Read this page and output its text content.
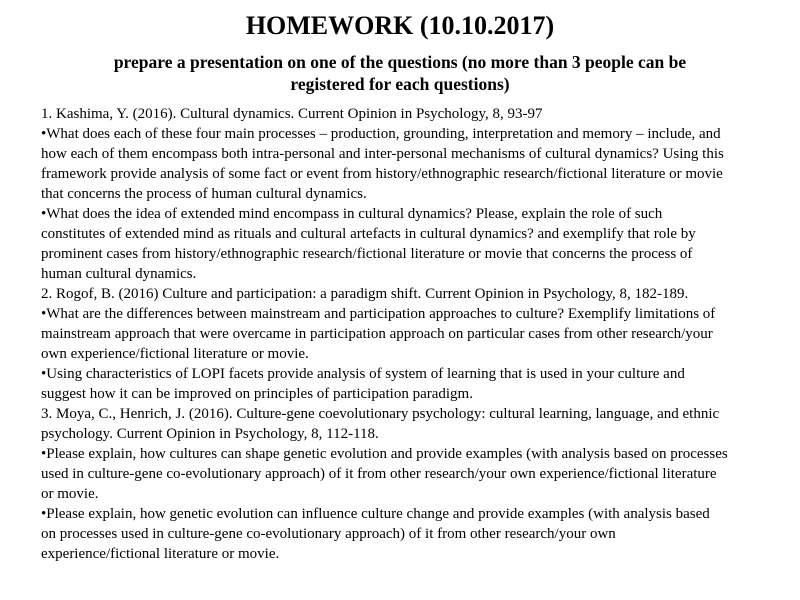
HOMEWORK (10.10.2017)
prepare a presentation on one of the questions (no more than 3 people can be
registered for each questions)
1. Kashima, Y. (2016). Cultural dynamics. Current Opinion in Psychology, 8, 93-97
•What does each of these four main processes – production, grounding, interpretation and memory – include, and
how each of them encompass both intra-personal and inter-personal mechanisms of cultural dynamics? Using this
framework provide analysis of some fact or event from history/ethnographic research/fictional literature or movie
that concerns the process of human cultural dynamics.
•What does the idea of extended mind encompass in cultural dynamics? Please, explain the role of such
constitutes of extended mind as rituals and cultural artefacts in cultural dynamics? and exemplify that role by
prominent cases from history/ethnographic research/fictional literature or movie that concerns the process of
human cultural dynamics.
2. Rogof, B. (2016) Culture and participation: a paradigm shift. Current Opinion in Psychology, 8, 182-189.
•What are the differences between mainstream and participation approaches to culture? Exemplify limitations of
mainstream approach that were overcame in participation approach on particular cases from other research/your
own experience/fictional literature or movie.
•Using characteristics of LOPI facets provide analysis of system of learning that is used in your culture and
suggest how it can be improved on principles of participation paradigm.
3. Moya, C., Henrich, J. (2016). Culture-gene coevolutionary psychology: cultural learning, language, and ethnic
psychology. Current Opinion in Psychology, 8, 112-118.
•Please explain, how cultures can shape genetic evolution and provide examples (with analysis based on processes
used in culture-gene co-evolutionary approach) of it from other research/your own experience/fictional literature
or movie.
•Please explain, how genetic evolution can influence culture change and provide examples (with analysis based
on processes used in culture-gene co-evolutionary approach) of it from other research/your own
experience/fictional literature or movie.
